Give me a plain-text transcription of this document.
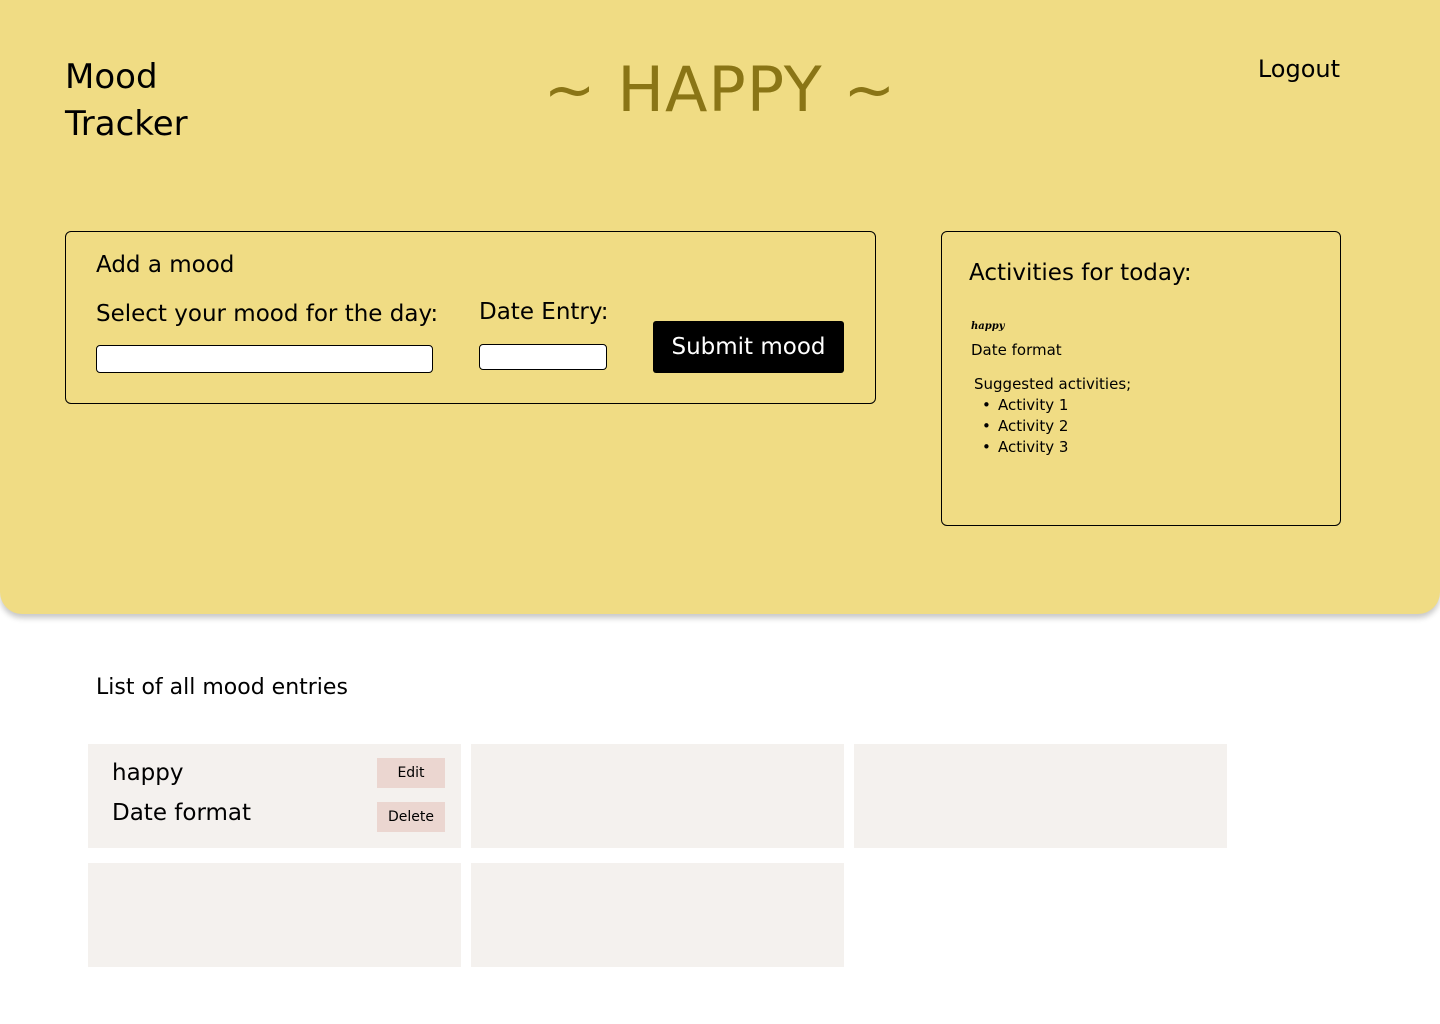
Mood
Tracker	~ HAPPY ~	Logout
Add a mood
Select your mood for the day: Date Entry:
Submit mood
Activities for today:
happy
Date format
Suggested activities;
• Activity 1
• Activity 2
• Activity 3
List of all mood entries
happy
Date format
Edit
Delete
